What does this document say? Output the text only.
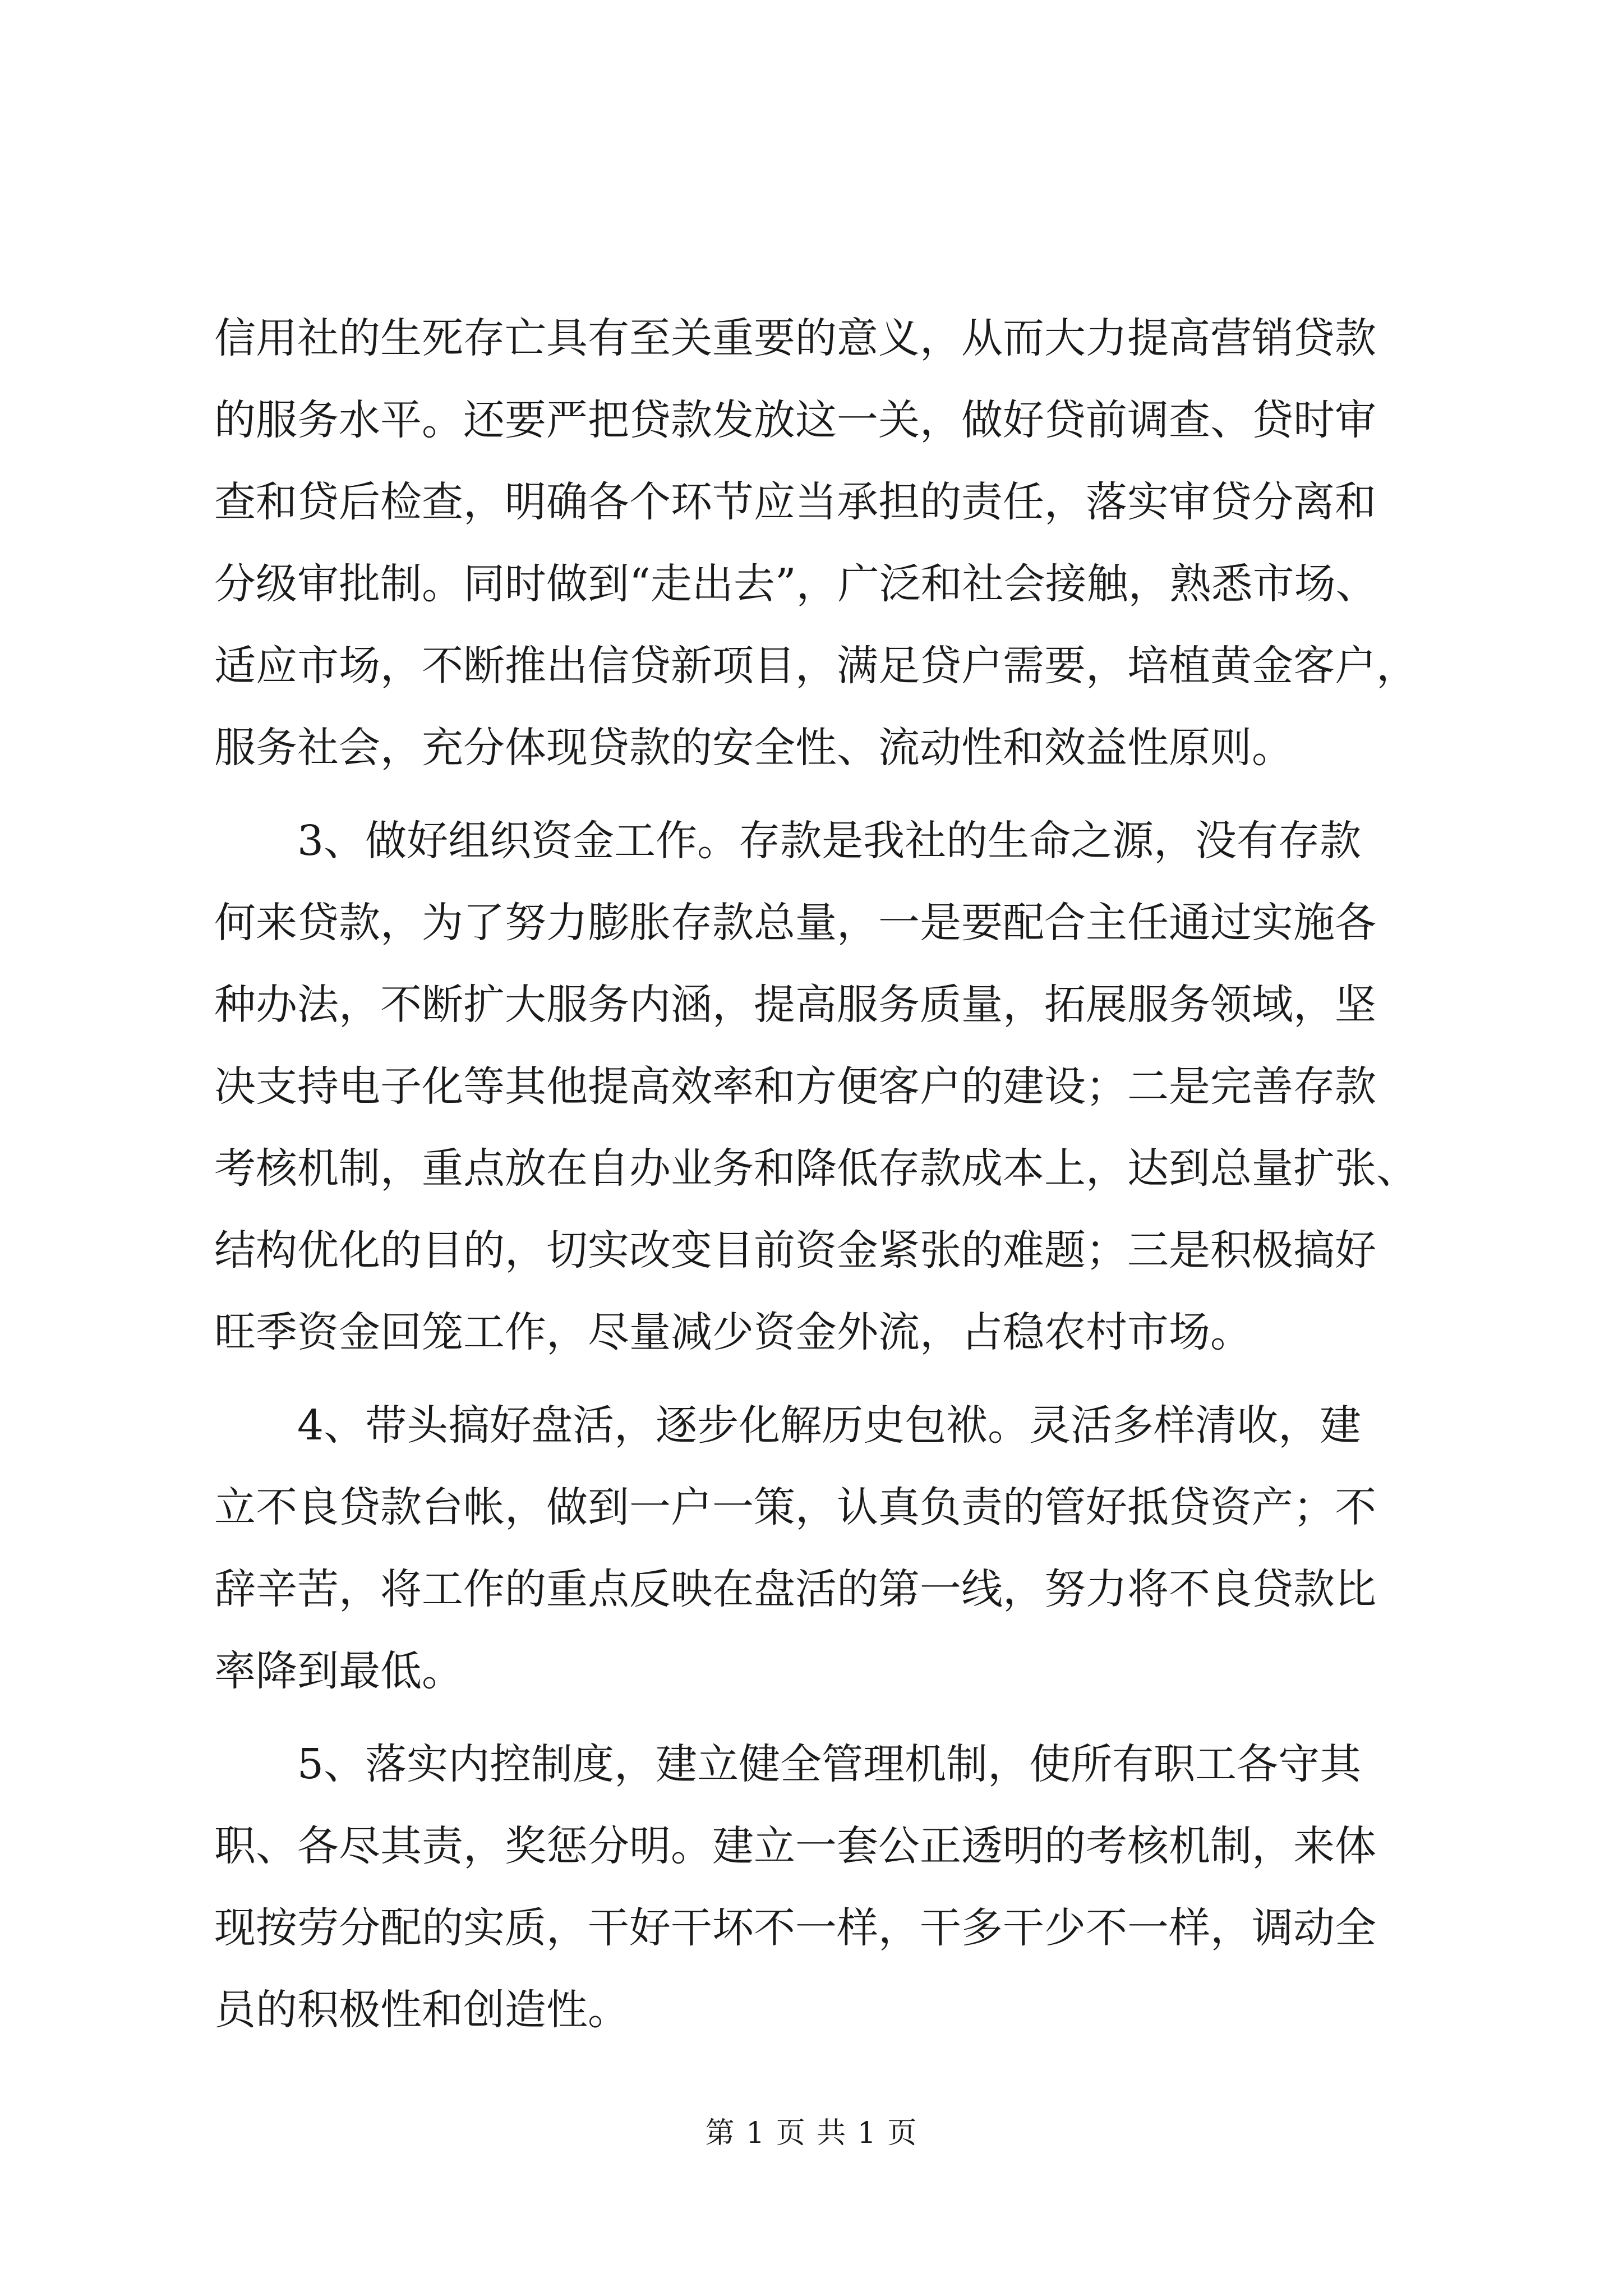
信用社的生死存亡具有至关重要的意义，从而大力提高营销贷款
的服务水平。还要严把贷款发放这一关，做好贷前调查、贷时审
查和贷后检查，明确各个环节应当承担的责任，落实审贷分离和
分级审批制。同时做到“走出去”，广泛和社会接触，熟悉市场、
适应市场，不断推出信贷新项目，满足贷户需要，培植黄金客户，
服务社会，充分体现贷款的安全性、流动性和效益性原则。
3、做好组织资金工作。存款是我社的生命之源，没有存款
何来贷款，为了努力膨胀存款总量，一是要配合主任通过实施各
种办法，不断扩大服务内涵，提高服务质量，拓展服务领域，坚
决支持电子化等其他提高效率和方便客户的建设；二是完善存款
考核机制，重点放在自办业务和降低存款成本上，达到总量扩张、
结构优化的目的，切实改变目前资金紧张的难题；三是积极搞好
旺季资金回笼工作，尽量减少资金外流，占稳农村市场。
4、带头搞好盘活，逐步化解历史包袱。灵活多样清收，建
立不良贷款台帐，做到一户一策，认真负责的管好抵贷资产；不
辞辛苦，将工作的重点反映在盘活的第一线，努力将不良贷款比
率降到最低。
5、落实内控制度，建立健全管理机制，使所有职工各守其
职、各尽其责，奖惩分明。建立一套公正透明的考核机制，来体
现按劳分配的实质，干好干坏不一样，干多干少不一样，调动全
员的积极性和创造性。
第 1 页 共 1 页
